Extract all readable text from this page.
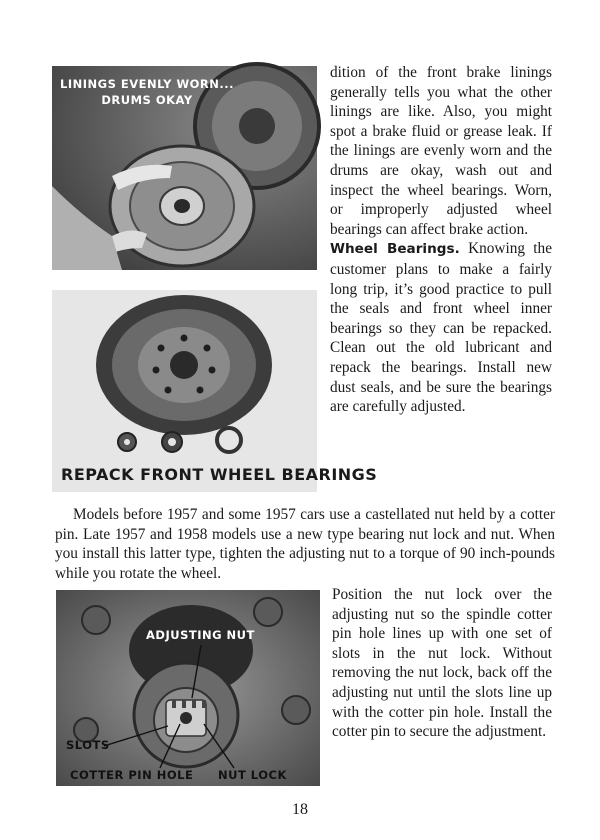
LININGS EVENLY WORN...
DRUMS OKAY
REPACK FRONT WHEEL BEARINGS

dition of the front brake linings generally tells you what the other linings are like. Also, you might spot a brake fluid or grease leak. If the linings are evenly worn and the drums are okay, wash out and inspect the wheel bearings. Worn, or improperly adjusted wheel bearings can affect brake action.

Wheel Bearings. Knowing the customer plans to make a fairly long trip, it’s good practice to pull the seals and front wheel inner bearings so they can be repacked. Clean out the old lubricant and repack the bearings. Install new dust seals, and be sure the bearings are carefully adjusted.

Models before 1957 and some 1957 cars use a castellated nut held by a cotter pin. Late 1957 and 1958 models use a new type bearing nut lock and nut. When you install this latter type, tighten the adjusting nut to a torque of 90 inch-pounds while you rotate the wheel.

ADJUSTING NUT
SLOTS
COTTER PIN HOLE NUT LOCK

Position the nut lock over the adjusting nut so the spindle cotter pin hole lines up with one set of slots in the nut lock. Without removing the nut lock, back off the adjusting nut until the slots line up with the cotter pin hole. Install the cotter pin to secure the adjustment.

18
